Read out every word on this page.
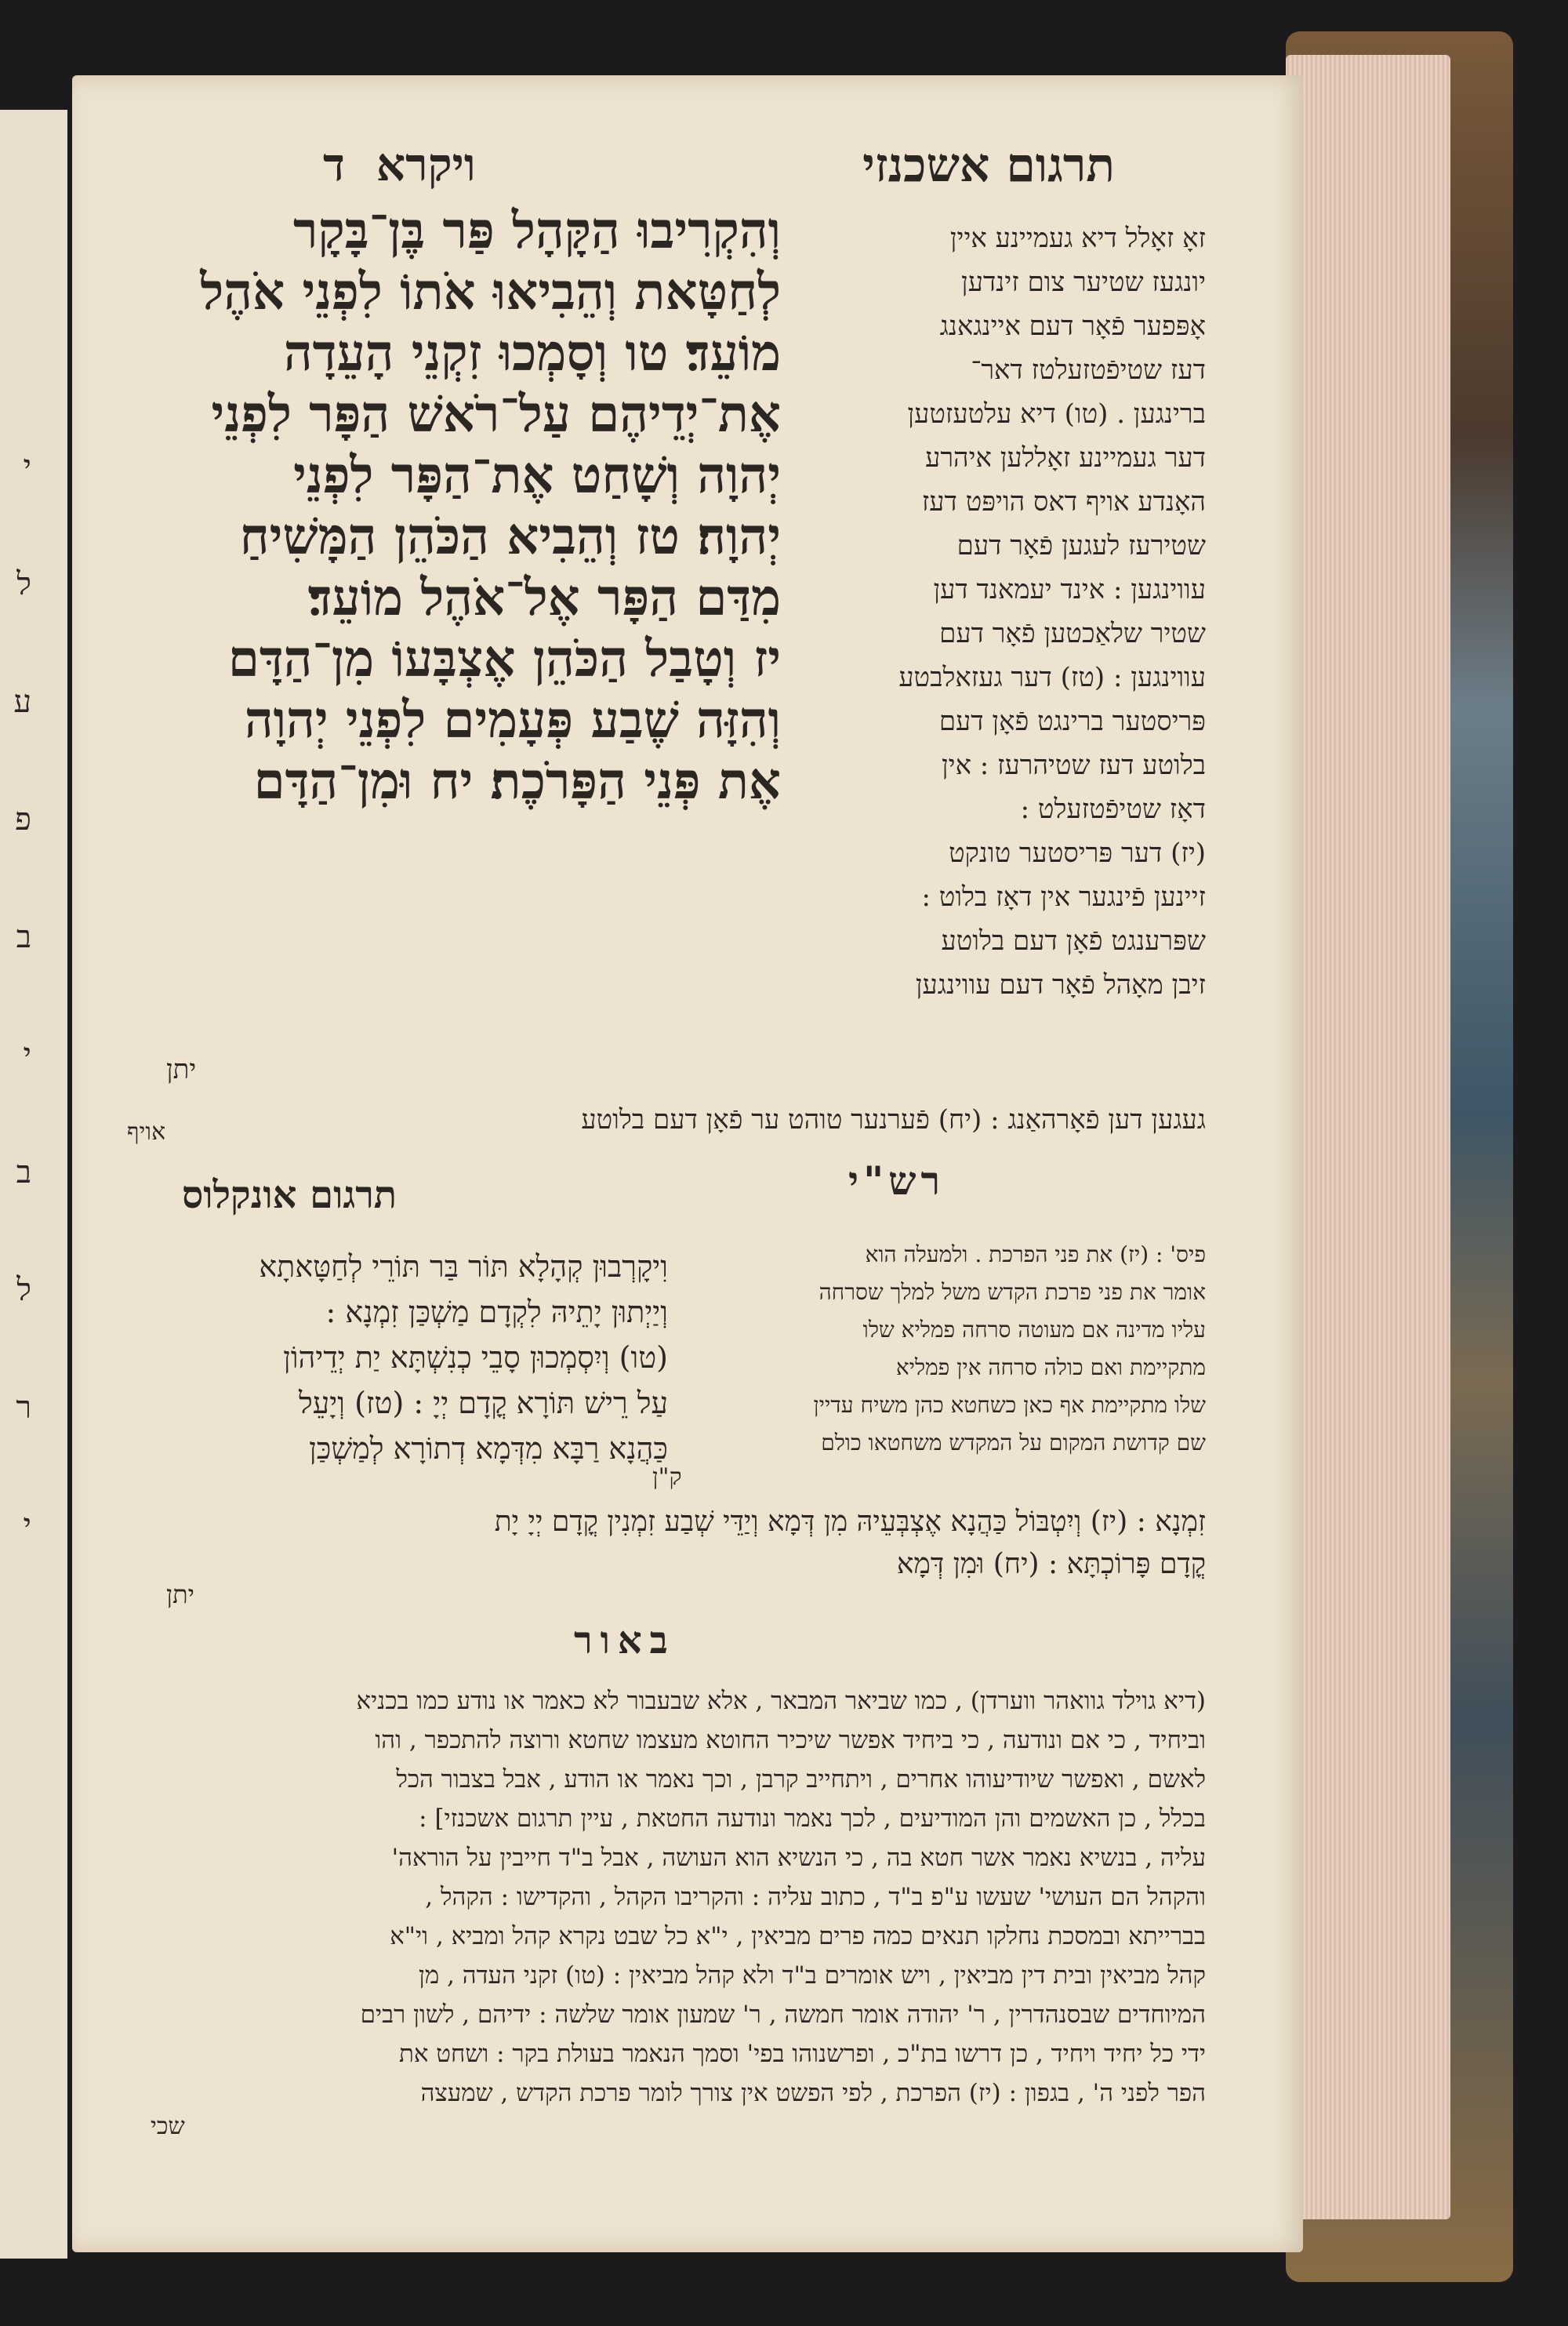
י
ל
ע
פ
ב
י
ב
ל
ר
י
תרגום אשכנזי
ויקראד
וְהִקְרִיבוּ הַקָּהָל פַּר בֶּן־בָּקָר
לְחַטָּאת וְהֵבִיאוּ אֹתוֹ לִפְנֵי אֹהֶל
מוֹעֵד׃ טו וְסָמְכוּ זִקְנֵי הָעֵדָה
אֶת־יְדֵיהֶם עַל־רֹאשׁ הַפָּר לִפְנֵי
יְהוָה וְשָׁחַט אֶת־הַפָּר לִפְנֵי
יְהוָה׃ טז וְהֵבִיא הַכֹּהֵן הַמָּשִׁיחַ
מִדַּם הַפָּר אֶל־אֹהֶל מוֹעֵד׃
יז וְטָבַל הַכֹּהֵן אֶצְבָּעוֹ מִן־הַדָּם
וְהִזָּה שֶׁבַע פְּעָמִים לִפְנֵי יְהוָה
אֶת פְּנֵי הַפָּרֹכֶת׃ יח וּמִן־הַדָּם
יתן
זאָ זאָלל דיא געמיינע איין
יונגעז שטיער צום זינדען
אָפּפער פֿאָר דעם איינגאנג
דעז שטיפֿטזעלטז דאר־
ברינגען . (טו) דיא עלטעזטען
דער געמיינע זאָללען איהרע
האָנדע אויף דאס הויפּט דעז
שטירעז לעגען פֿאָר דעם
עווינגען : אינד יעמאנד דען
שטיר שלאַכטען פֿאָר דעם
עווינגען : (טז) דער געזאלבטע
פּריסטער ברינגט פֿאָן דעם
בלוטע דעז שטיהרעז : אין
דאָז שטיפֿטזעלט :
(יז) דער פּריסטער טונקט
זיינען פֿינגער אין דאָז בלוט :
שפּרענגט פֿאָן דעם בלוטע
זיבן מאָהל פֿאָר דעם עווינגען
געגען דען פֿאָרהאַנג : (יח) פֿערנער טוהט ער פֿאָן דעם בלוטע
אויף
רש"י
תרגום אונקלוס
פיס' : (יז) את פני הפרכת . ולמעלה הוא
אומר את פני פרכת הקדש משל למלך שסרחה
עליו מדינה אם מעוטה סרחה פמליא שלו
מתקיימת ואם כולה סרחה אין פמליא
שלו מתקיימת אף כאן כשחטא כהן משיח עדיין
שם קדושת המקום על המקדש משחטאו כולם
ק"ן
וִיקָרְבוּן קְהָלָא תּוֹר בַּר תּוֹרֵי לְחַטָּאתָא
וְיַיְתוּן יָתֵיהּ לִקְדָם מַשְׁכַּן זִמְנָא :
(טו) וְיִסְמְכוּן סָבֵי כְנִשְׁתָּא יַת יְדֵיהוֹן
עַל רֵישׁ תּוֹרָא קֳדָם יְיָ : (טז) וְיָעֵל
כַּהֲנָא רַבָּא מִדְּמָא דְתוֹרָא לְמַשְׁכַּן
זִמְנָא : (יז) וְיִטְבּוֹל כַּהֲנָא אֶצְבְּעֵיהּ מִן דְּמָא וְיַדֵּי שְׁבַע זִמְנִין קֳדָם יְיָ יָת
קֳדָם פָּרוֹכְתָּא : (יח) וּמִן דְּמָא
יתן
באור
(דיא גוילד גוואהר ווערדן) , כמו שביאר המבאר , אלא שבעבור לא כאמר או נודע כמו בכניא
וביחיד , כי אם ונודעה , כי ביחיד אפשר שיכיר החוטא מעצמו שחטא ורוצה להתכפר , והו
לאשם , ואפשר שיודיעוהו אחרים , ויתחייב קרבן , וכך נאמר או הודע , אבל בצבור הכל
בכלל , כן האשמים והן המודיעים , לכך נאמר ונודעה החטאת , עיין תרגום אשכנזי] :
עליה , בנשיא נאמר אשר חטא בה , כי הנשיא הוא העושה , אבל ב"ד חייבין על הוראה'
והקהל הם העושי' שעשו ע"פ ב"ד , כתוב עליה : והקריבו הקהל , והקדישו : הקהל ,
בברייתא ובמסכת נחלקו תנאים כמה פרים מביאין , י"א כל שבט נקרא קהל ומביא , וי"א
קהל מביאין ובית דין מביאין , ויש אומרים ב"ד ולא קהל מביאין : (טו) זקני העדה , מן
המיוחדים שבסנהדרין , ר' יהודה אומר חמשה , ר' שמעון אומר שלשה : ידיהם , לשון רבים
ידי כל יחיד ויחיד , כן דרשו בת"כ , ופרשנוהו בפי' וסמך הנאמר בעולת בקר : ושחט את
הפר לפני ה' , בגפון : (יז) הפרכת , לפי הפשט אין צורך לומר פרכת הקדש , שמעצה
שכי
